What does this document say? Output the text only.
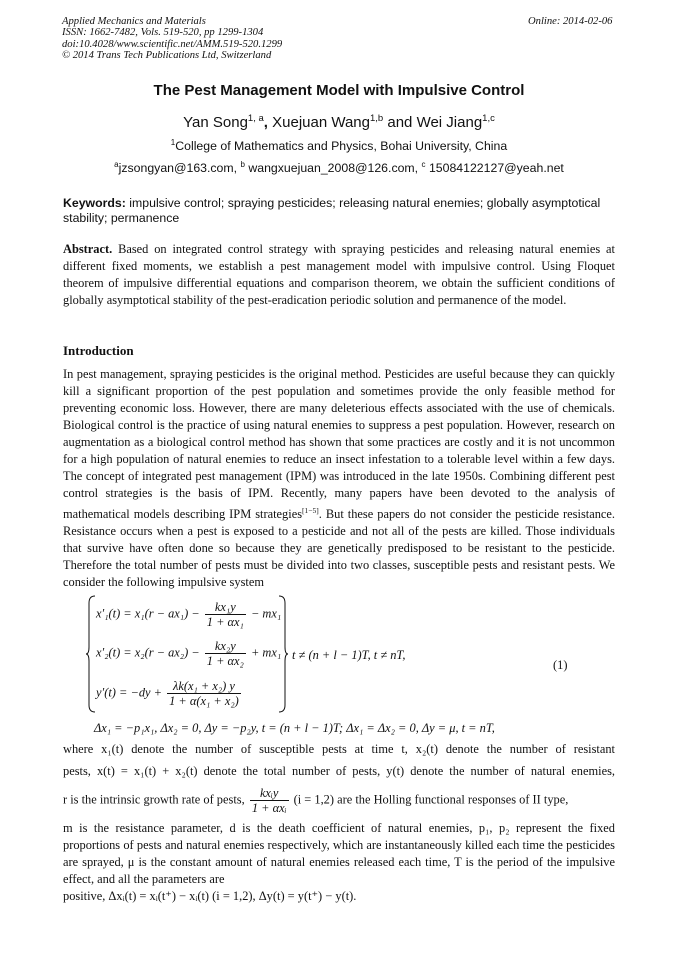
Applied Mechanics and Materials
ISSN: 1662-7482, Vols. 519-520, pp 1299-1304
doi:10.4028/www.scientific.net/AMM.519-520.1299
© 2014 Trans Tech Publications Ltd, Switzerland
Online: 2014-02-06
The Pest Management Model with Impulsive Control
Yan Song$^{1, a}$, Xuejuan Wang$^{1,b}$ and Wei Jiang$^{1,c}$
$^1$College of Mathematics and Physics, Bohai University, China
$^a$jzsongyan@163.com, $^b$ wangxuejuan_2008@126.com, $^c$ 15084122127@yeah.net
Keywords: impulsive control; spraying pesticides; releasing natural enemies; globally asymptotical stability; permanence
Abstract. Based on integrated control strategy with spraying pesticides and releasing natural enemies at different fixed moments, we establish a pest management model with impulsive control. Using Floquet theorem of impulsive differential equations and comparison theorem, we obtain the sufficient conditions of globally asymptotical stability of the pest-eradication periodic solution and permanence of the model.
Introduction
In pest management, spraying pesticides is the original method. Pesticides are useful because they can quickly kill a significant proportion of the pest population and sometimes provide the only feasible method for preventing economic loss. However, there are many deleterious effects associated with the use of chemicals. Biological control is the practice of using natural enemies to suppress a pest population. However, research on augmentation as a biological control method has shown that some practices are costly and it is not uncommon for a high population of natural enemies to reduce an insect infestation to a tolerable level within a few days. The concept of integrated pest management (IPM) was introduced in the late 1950s. Combining different pest control strategies is the basis of IPM. Recently, many papers have been devoted to the analysis of mathematical models describing IPM strategies[1−5]. But these papers do not consider the pesticide resistance. Resistance occurs when a pest is exposed to a pesticide and not all of the pests are killed. Those individuals that survive have often done so because they are genetically predisposed to be resistant to the pesticide. Therefore the total number of pests must be divided into two classes, susceptible pests and resistant pests. We consider the following impulsive system
$x'_1(t) = x_1(r - ax_1) - \frac{\text{kx₁y}}{\text{1 + αx₁}} - mx_1$
$x'_2(t) = x_2(r - ax_2) - \frac{\text{kx₂y}}{\text{1 + αx₂}} + mx_1$
$y'(t) = -dy + \frac{\text{λk(x₁ + x₂) y}}{\text{1 + α(x₁ + x₂)}}$
t ≠ (n + l − 1)T, t ≠ nT,
Δx₁ = −p₁x₁, Δx₂ = 0, Δy = −p₂y, t = (n + l − 1)T; Δx₁ = Δx₂ = 0, Δy = μ, t = nT,
(1)
where x₁(t) denote the number of susceptible pests at time t, x₂(t) denote the number of resistant
pests, x(t) = x₁(t) + x₂(t) denote the total number of pests, y(t) denote the number of natural enemies,
r is the intrinsic growth rate of pests, $\frac{\text{kxᵢy}}{\text{1 + αxᵢ}} (i = 1,2)$ are the Holling functional responses of II type,
m is the resistance parameter, d is the death coefficient of natural enemies, p₁, p₂ represent the fixed proportions of pests and natural enemies respectively, which are instantaneously killed each time the pesticides are sprayed, μ is the constant amount of natural enemies released each time, T is the period of the impulsive effect, and all the parameters are
positive, Δxᵢ(t) = xᵢ(t⁺) − xᵢ(t) (i = 1,2), Δy(t) = y(t⁺) − y(t).
